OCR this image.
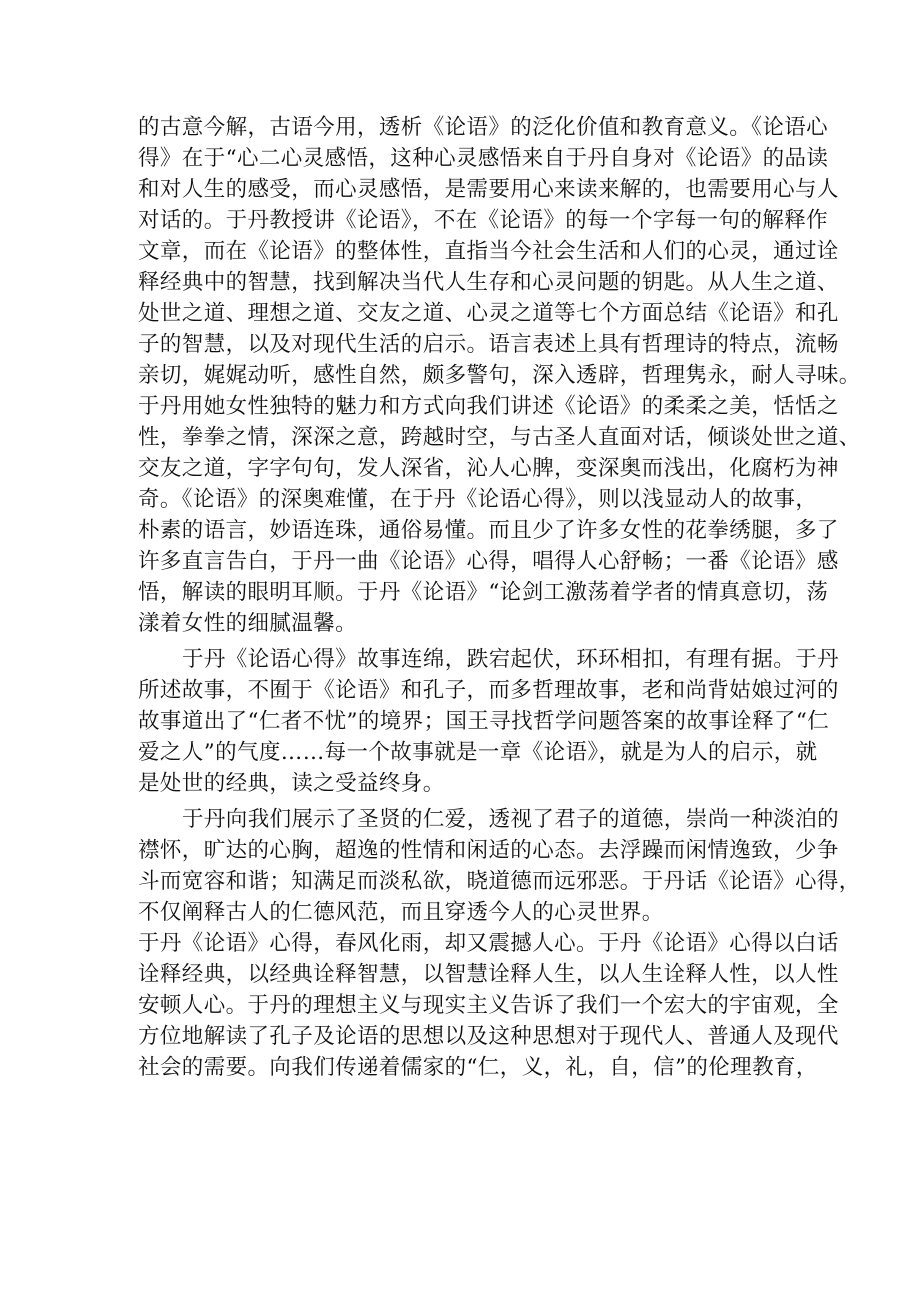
的古意今解，古语今用，透析《论语》的泛化价值和教育意义。《论语心
得》在于“心二心灵感悟，这种心灵感悟来自于丹自身对《论语》的品读
和对人生的感受，而心灵感悟，是需要用心来读来解的，也需要用心与人
对话的。于丹教授讲《论语》，不在《论语》的每一个字每一句的解释作
文章，而在《论语》的整体性，直指当今社会生活和人们的心灵，通过诠
释经典中的智慧，找到解决当代人生存和心灵问题的钥匙。从人生之道、
处世之道、理想之道、交友之道、心灵之道等七个方面总结《论语》和孔
子的智慧，以及对现代生活的启示。语言表述上具有哲理诗的特点，流畅
亲切，娓娓动听，感性自然，颇多警句，深入透辟，哲理隽永，耐人寻味。
于丹用她女性独特的魅力和方式向我们讲述《论语》的柔柔之美，恬恬之
性，拳拳之情，深深之意，跨越时空，与古圣人直面对话，倾谈处世之道、
交友之道，字字句句，发人深省，沁人心脾，变深奥而浅出，化腐朽为神
奇。《论语》的深奥难懂，在于丹《论语心得》，则以浅显动人的故事，
朴素的语言，妙语连珠，通俗易懂。而且少了许多女性的花拳绣腿，多了
许多直言告白，于丹一曲《论语》心得，唱得人心舒畅；一番《论语》感
悟，解读的眼明耳顺。于丹《论语》“论剑工激荡着学者的情真意切，荡
漾着女性的细腻温馨。
于丹《论语心得》故事连绵，跌宕起伏，环环相扣，有理有据。于丹
所述故事，不囿于《论语》和孔子，而多哲理故事，老和尚背姑娘过河的
故事道出了“仁者不忧”的境界；国王寻找哲学问题答案的故事诠释了“仁
爱之人”的气度……每一个故事就是一章《论语》，就是为人的启示，就
是处世的经典，读之受益终身。
于丹向我们展示了圣贤的仁爱，透视了君子的道德，崇尚一种淡泊的
襟怀，旷达的心胸，超逸的性情和闲适的心态。去浮躁而闲情逸致，少争
斗而宽容和谐；知满足而淡私欲，晓道德而远邪恶。于丹话《论语》心得，
不仅阐释古人的仁德风范，而且穿透今人的心灵世界。
于丹《论语》心得，春风化雨，却又震撼人心。于丹《论语》心得以白话
诠释经典，以经典诠释智慧，以智慧诠释人生，以人生诠释人性，以人性
安顿人心。于丹的理想主义与现实主义告诉了我们一个宏大的宇宙观，全
方位地解读了孔子及论语的思想以及这种思想对于现代人、普通人及现代
社会的需要。向我们传递着儒家的“仁，义，礼，自，信”的伦理教育，
